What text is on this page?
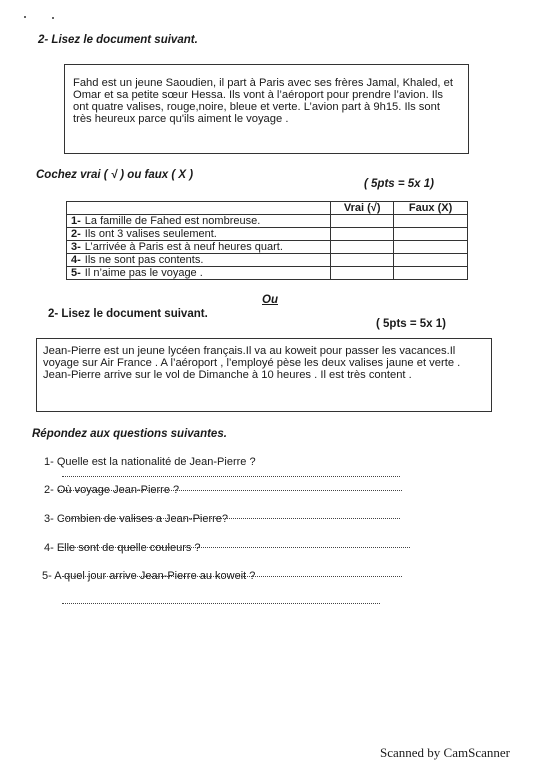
2- Lisez le document suivant.
Fahd est un jeune Saoudien, il part à Paris avec ses frères Jamal, Khaled, et
Omar et sa petite sœur Hessa. Ils vont à l’aéroport pour prendre l’avion. Ils
ont quatre valises, rouge,noire, bleue et verte. L’avion part à 9h15. Ils sont
très heureux parce qu'ils aiment le voyage .
Cochez vrai ( √ ) ou faux ( X )
( 5pts = 5x 1)
	Vrai (√)	Faux (X)
1- La famille de Fahed est nombreuse.		
2- Ils ont 3 valises seulement.		
3- L’arrivée à Paris est à neuf heures quart.		
4- Ils ne sont pas contents.		
5- Il n’aime pas le voyage .		
Ou
2- Lisez le document suivant.
( 5pts = 5x 1)
Jean-Pierre est un jeune lycéen français.Il va au koweit pour passer les vacances.Il
voyage sur Air France . A l’aéroport , l’employé pèse les deux valises jaune et verte .
Jean-Pierre arrive sur le vol de Dimanche à 10 heures . Il est très content .
Répondez aux questions suivantes.
1- Quelle est la nationalité de Jean-Pierre ?
2- Où voyage Jean-Pierre ?
3- Combien de valises a Jean-Pierre?
4- Elle sont de quelle couleurs ?
5- A quel jour arrive Jean-Pierre au koweit ?
Scanned by CamScanner
